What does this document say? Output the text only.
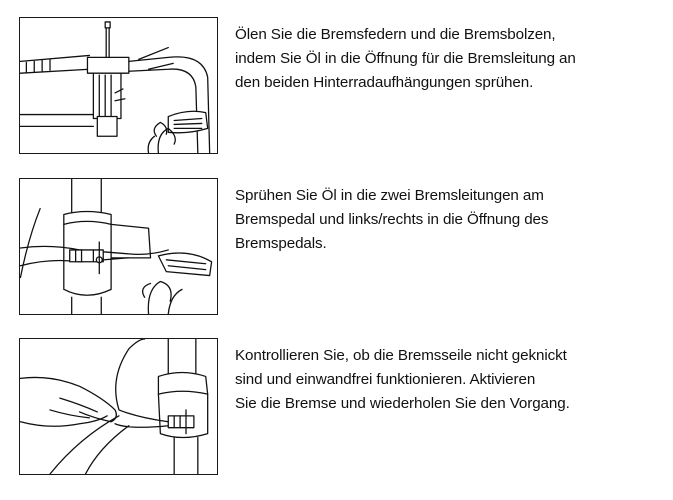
Ölen Sie die Bremsfedern und die Bremsbolzen,
indem Sie Öl in die Öffnung für die Bremsleitung an
den beiden Hinterradaufhängungen sprühen.

Sprühen Sie Öl in die zwei Bremsleitungen am
Bremspedal und links/rechts in die Öffnung des
Bremspedals.

Kontrollieren Sie, ob die Bremsseile nicht geknickt
sind und einwandfrei funktionieren. Aktivieren
Sie die Bremse und wiederholen Sie den Vorgang.
